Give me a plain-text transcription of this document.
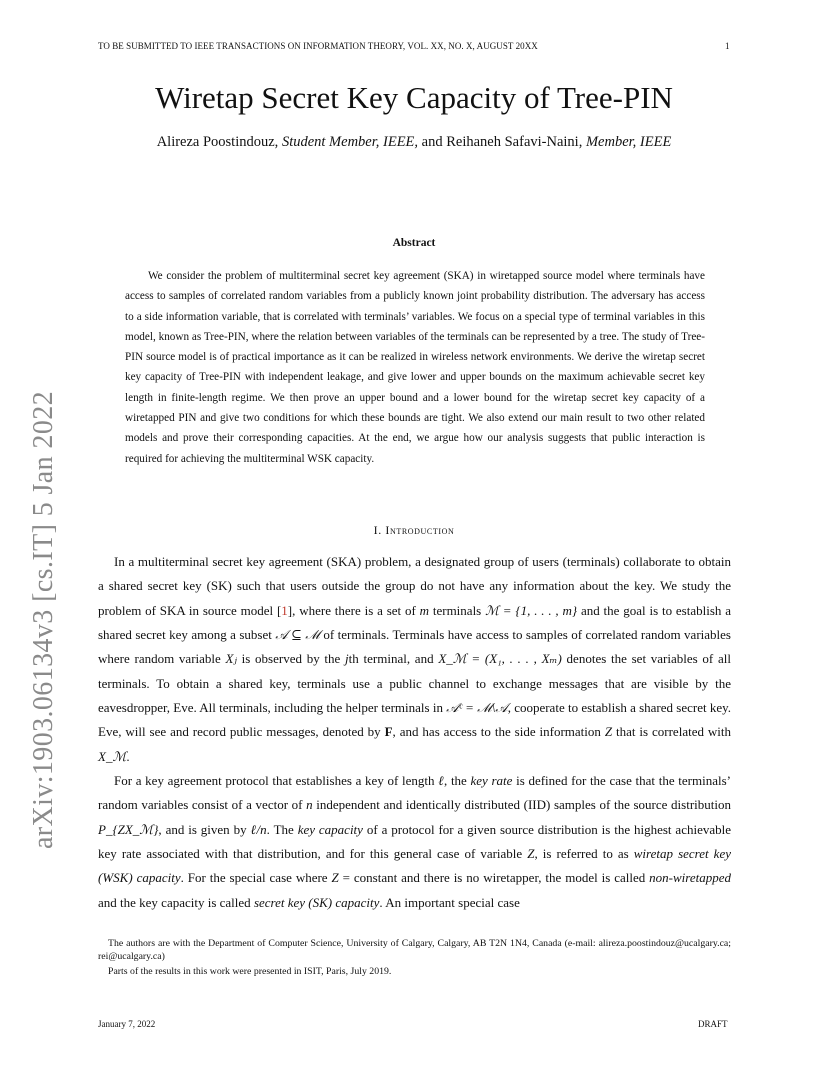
TO BE SUBMITTED TO IEEE TRANSACTIONS ON INFORMATION THEORY, VOL. XX, NO. X, AUGUST 20XX	1
arXiv:1903.06134v3 [cs.IT] 5 Jan 2022
Wiretap Secret Key Capacity of Tree-PIN
Alireza Poostindouz, Student Member, IEEE, and Reihaneh Safavi-Naini, Member, IEEE
Abstract

We consider the problem of multiterminal secret key agreement (SKA) in wiretapped source model where terminals have access to samples of correlated random variables from a publicly known joint probability distribution. The adversary has access to a side information variable, that is correlated with terminals’ variables. We focus on a special type of terminal variables in this model, known as Tree-PIN, where the relation between variables of the terminals can be represented by a tree. The study of Tree-PIN source model is of practical importance as it can be realized in wireless network environments. We derive the wiretap secret key capacity of Tree-PIN with independent leakage, and give lower and upper bounds on the maximum achievable secret key length in finite-length regime. We then prove an upper bound and a lower bound for the wiretap secret key capacity of a wiretapped PIN and give two conditions for which these bounds are tight. We also extend our main result to two other related models and prove their corresponding capacities. At the end, we argue how our analysis suggests that public interaction is required for achieving the multiterminal WSK capacity.

I. Introduction

In a multiterminal secret key agreement (SKA) problem, a designated group of users (terminals) collaborate to obtain a shared secret key (SK) such that users outside the group do not have any information about the key. We study the problem of SKA in source model [1], where there is a set of m terminals ℳ = {1, . . . , m} and the goal is to establish a shared secret key among a subset 𝒜 ⊆ ℳ of terminals. Terminals have access to samples of correlated random variables where random variable Xⱼ is observed by the jth terminal, and X_ℳ = (X₁, . . . , Xₘ) denotes the set variables of all terminals. To obtain a shared key, terminals use a public channel to exchange messages that are visible by the eavesdropper, Eve. All terminals, including the helper terminals in 𝒜ᶜ = ℳ\𝒜, cooperate to establish a shared secret key. Eve, will see and record public messages, denoted by F, and has access to the side information Z that is correlated with X_ℳ.

For a key agreement protocol that establishes a key of length ℓ, the key rate is defined for the case that the terminals’ random variables consist of a vector of n independent and identically distributed (IID) samples of the source distribution P_{ZX_ℳ}, and is given by ℓ/n. The key capacity of a protocol for a given source distribution is the highest achievable key rate associated with that distribution, and for this general case of variable Z, is referred to as wiretap secret key (WSK) capacity. For the special case where Z = constant and there is no wiretapper, the model is called non-wiretapped and the key capacity is called secret key (SK) capacity. An important special case

The authors are with the Department of Computer Science, University of Calgary, Calgary, AB T2N 1N4, Canada (e-mail: alireza.poostindouz@ucalgary.ca; rei@ucalgary.ca)

Parts of the results in this work were presented in ISIT, Paris, July 2019.

January 7, 2022	DRAFT
